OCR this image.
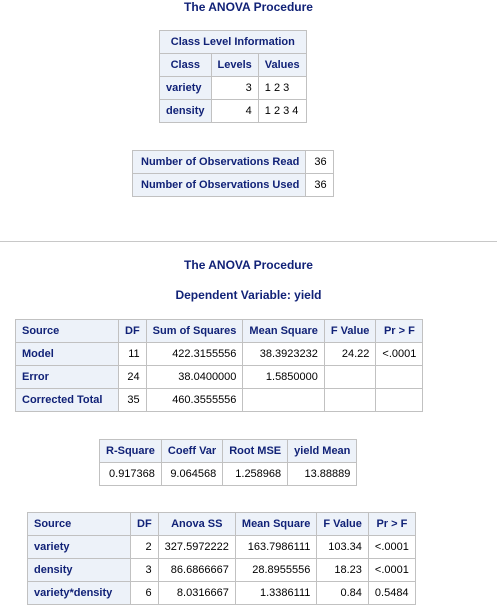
The ANOVA Procedure
Class Level Information		
Class	Levels	Values
variety	3	1 2 3
density	4	1 2 3 4
Number of Observations Read	36
Number of Observations Used	36
The ANOVA Procedure
Dependent Variable: yield
Source	DF	Sum of Squares	Mean Square	F Value	Pr > F
Model	11	422.3155556	38.3923232	24.22	<.0001
Error	24	38.0400000	1.5850000		
Corrected Total	35	460.3555556			
R-Square	Coeff Var	Root MSE	yield Mean
0.917368	9.064568	1.258968	13.88889
Source	DF	Anova SS	Mean Square	F Value	Pr > F
variety	2	327.5972222	163.7986111	103.34	<.0001
density	3	86.6866667	28.8955556	18.23	<.0001
variety*density	6	8.0316667	1.3386111	0.84	0.5484
